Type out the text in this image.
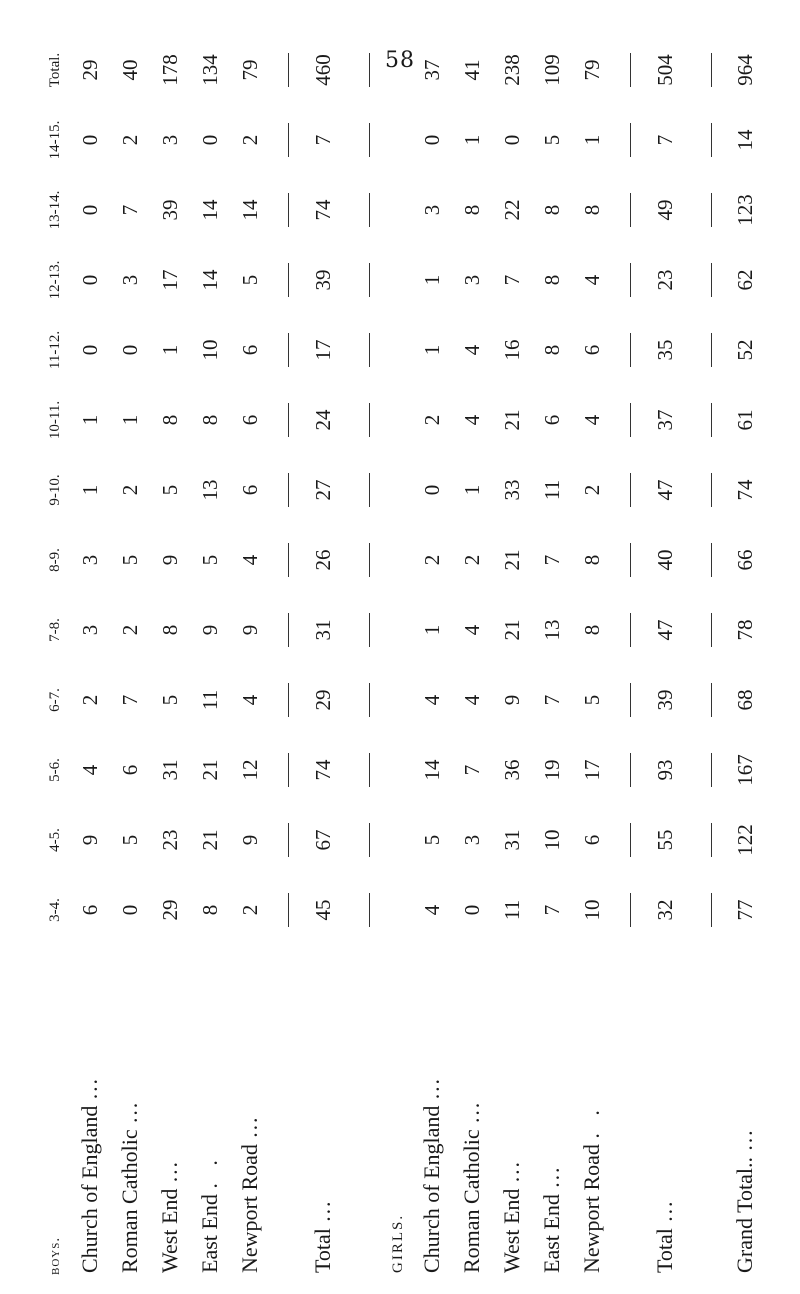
58
boys.	3-4.	4-5.	5-6.	6-7.	7-8.	8-9.	9-10.	10-11.	11-12.	12-13.	13-14.	14-15.	Total.
Church of England …	6	9	4	2	3	3	1	1	0	0	0	0	29
Roman Catholic …	0	5	6	7	2	5	2	1	0	3	7	2	40
West End …	29	23	31	5	8	9	5	8	1	17	39	3	178
East End . .	8	21	21	11	9	5	13	8	10	14	14	0	134
Newport Road …	2	9	12	4	9	4	6	6	6	5	14	2	79

Total …	45	67	74	29	31	26	27	24	17	39	74	7	460

GIRLS.													
Church of England …	4	5	14	4	1	2	0	2	1	1	3	0	37
Roman Catholic …	0	3	7	4	4	2	1	4	4	3	8	1	41
West End …	11	31	36	9	21	21	33	21	16	7	22	0	238
East End …	7	10	19	7	13	7	11	6	8	8	8	5	109
Newport Road . .	10	6	17	5	8	8	2	4	6	4	8	1	79

Total …	32	55	93	39	47	40	47	37	35	23	49	7	504

Grand Total.. …	77	122	167	68	78	66	74	61	52	62	123	14	964
